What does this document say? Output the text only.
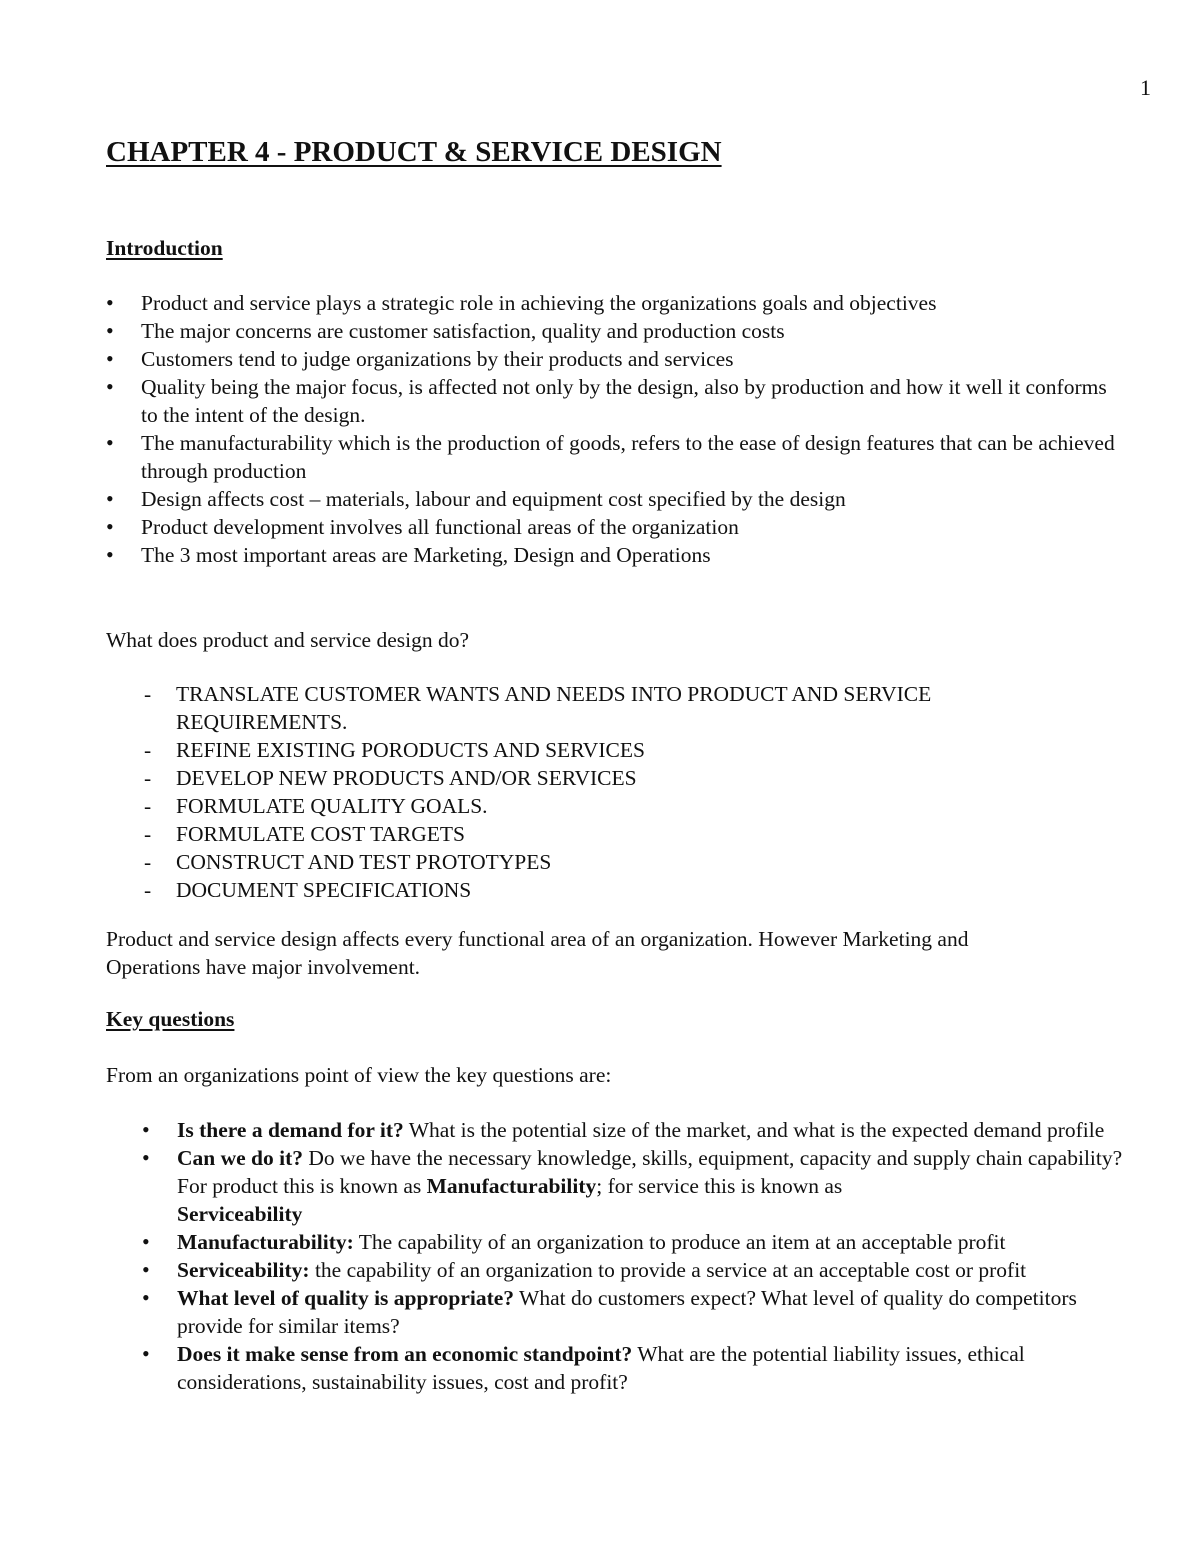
1
CHAPTER 4 - PRODUCT & SERVICE DESIGN
Introduction
• Product and service plays a strategic role in achieving the organizations goals and objectives
• The major concerns are customer satisfaction, quality and production costs
• Customers tend to judge organizations by their products and services
• Quality being the major focus, is affected not only by the design, also by production and how it well it conforms to the intent of the design.
• The manufacturability which is the production of goods, refers to the ease of design features that can be achieved through production
• Design affects cost – materials, labour and equipment cost specified by the design
• Product development involves all functional areas of the organization
• The 3 most important areas are Marketing, Design and Operations

What does product and service design do?

- TRANSLATE CUSTOMER WANTS AND NEEDS INTO PRODUCT AND SERVICE REQUIREMENTS.
- REFINE EXISTING PORODUCTS AND SERVICES
- DEVELOP NEW PRODUCTS AND/OR SERVICES
- FORMULATE QUALITY GOALS.
- FORMULATE COST TARGETS
- CONSTRUCT AND TEST PROTOTYPES
- DOCUMENT SPECIFICATIONS

Product and service design affects every functional area of an organization. However Marketing and Operations have major involvement.

Key questions

From an organizations point of view the key questions are:

• Is there a demand for it? What is the potential size of the market, and what is the expected demand profile
• Can we do it? Do we have the necessary knowledge, skills, equipment, capacity and supply chain capability? For product this is known as Manufacturability; for service this is known as
Serviceability
• Manufacturability: The capability of an organization to produce an item at an acceptable profit
• Serviceability: the capability of an organization to provide a service at an acceptable cost or profit
• What level of quality is appropriate? What do customers expect? What level of quality do competitors provide for similar items?
• Does it make sense from an economic standpoint? What are the potential liability issues, ethical considerations, sustainability issues, cost and profit?
